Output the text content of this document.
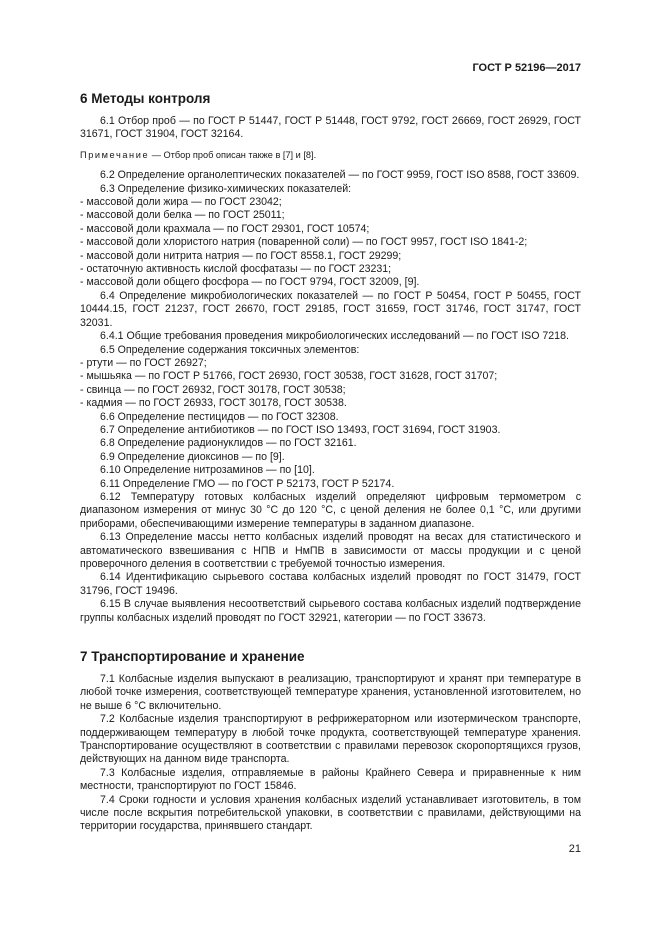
ГОСТ Р 52196—2017
6 Методы контроля

6.1 Отбор проб — по ГОСТ Р 51447, ГОСТ Р 51448, ГОСТ 9792, ГОСТ 26669, ГОСТ 26929, ГОСТ 31671, ГОСТ 31904, ГОСТ 32164.

Примечание — Отбор проб описан также в [7] и [8].

6.2 Определение органолептических показателей — по ГОСТ 9959, ГОСТ ISO 8588, ГОСТ 33609.

6.3 Определение физико-химических показателей:

- массовой доли жира — по ГОСТ 23042;

- массовой доли белка — по ГОСТ 25011;

- массовой доли крахмала — по ГОСТ 29301, ГОСТ 10574;

- массовой доли хлористого натрия (поваренной соли) — по ГОСТ 9957, ГОСТ ISO 1841-2;

- массовой доли нитрита натрия — по ГОСТ 8558.1, ГОСТ 29299;

- остаточную активность кислой фосфатазы — по ГОСТ 23231;

- массовой доли общего фосфора — по ГОСТ 9794, ГОСТ 32009, [9].

6.4 Определение микробиологических показателей — по ГОСТ Р 50454, ГОСТ Р 50455, ГОСТ 10444.15, ГОСТ 21237, ГОСТ 26670, ГОСТ 29185, ГОСТ 31659, ГОСТ 31746, ГОСТ 31747, ГОСТ 32031.

6.4.1 Общие требования проведения микробиологических исследований — по ГОСТ ISO 7218.

6.5 Определение содержания токсичных элементов:

- ртути — по ГОСТ 26927;

- мышьяка — по ГОСТ Р 51766, ГОСТ 26930, ГОСТ 30538, ГОСТ 31628, ГОСТ 31707;

- свинца — по ГОСТ 26932, ГОСТ 30178, ГОСТ 30538;

- кадмия — по ГОСТ 26933, ГОСТ 30178, ГОСТ 30538.

6.6 Определение пестицидов — по ГОСТ 32308.

6.7 Определение антибиотиков — по ГОСТ ISO 13493, ГОСТ 31694, ГОСТ 31903.

6.8 Определение радионуклидов — по ГОСТ 32161.

6.9 Определение диоксинов — по [9].

6.10 Определение нитрозаминов — по [10].

6.11 Определение ГМО — по ГОСТ Р 52173, ГОСТ Р 52174.

6.12 Температуру готовых колбасных изделий определяют цифровым термометром с диапазоном измерения от минус 30 °С до 120 °С, с ценой деления не более 0,1 °С, или другими приборами, обеспечивающими измерение температуры в заданном диапазоне.

6.13 Определение массы нетто колбасных изделий проводят на весах для статистического и автоматического взвешивания с НПВ и НмПВ в зависимости от массы продукции и с ценой проверочного деления в соответствии с требуемой точностью измерения.

6.14 Идентификацию сырьевого состава колбасных изделий проводят по ГОСТ 31479, ГОСТ 31796, ГОСТ 19496.

6.15 В случае выявления несоответствий сырьевого состава колбасных изделий подтверждение группы колбасных изделий проводят по ГОСТ 32921, категории — по ГОСТ 33673.

7 Транспортирование и хранение

7.1 Колбасные изделия выпускают в реализацию, транспортируют и хранят при температуре в любой точке измерения, соответствующей температуре хранения, установленной изготовителем, но не выше 6 °С включительно.

7.2 Колбасные изделия транспортируют в рефрижераторном или изотермическом транспорте, поддерживающем температуру в любой точке продукта, соответствующей температуре хранения. Транспортирование осуществляют в соответствии с правилами перевозок скоропортящихся грузов, действующих на данном виде транспорта.

7.3 Колбасные изделия, отправляемые в районы Крайнего Севера и приравненные к ним местности, транспортируют по ГОСТ 15846.

7.4 Сроки годности и условия хранения колбасных изделий устанавливает изготовитель, в том числе после вскрытия потребительской упаковки, в соответствии с правилами, действующими на территории государства, принявшего стандарт.

21
